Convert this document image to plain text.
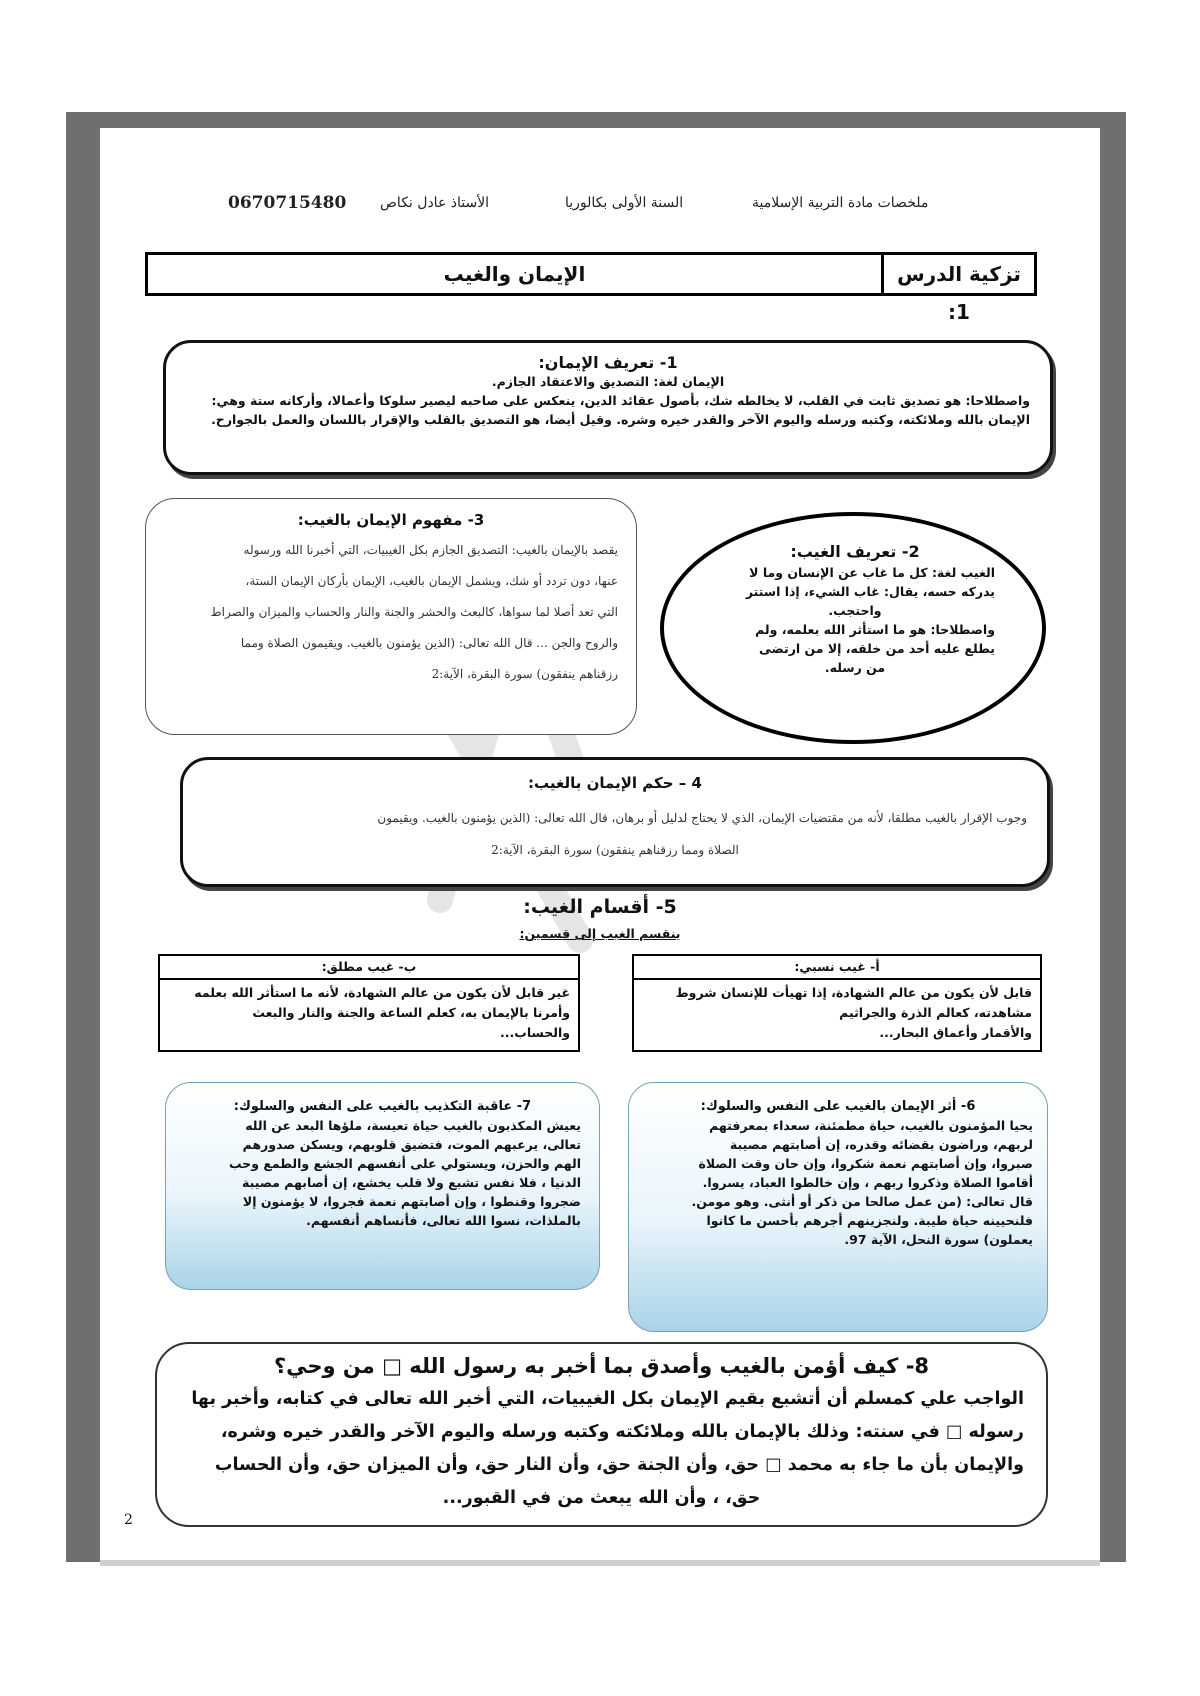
0670715480 الأستاذ عادل نكاص	السنة الأولى بكالوريا	ملخصات مادة التربية الإسلامية
تزكية الدرس 1:
الإيمان والغيب
1- تعريف الإيمان:
الإيمان لغة: التصديق والاعتقاد الجازم.
واصطلاحا: هو تصديق ثابت في القلب، لا يخالطه شك، بأصول عقائد الدين، ينعكس على صاحبه ليصير سلوكا وأعمالا، وأركانه ستة وهي:
الإيمان بالله وملائكته، وكتبه ورسله واليوم الآخر والقدر خيره وشره. وقيل أيضا، هو التصديق بالقلب والإقرار باللسان والعمل بالجوارح.
3- مفهوم الإيمان بالغيب:
يقصد بالإيمان بالغيب: التصديق الجازم بكل الغيبيات، التي أخبرنا الله ورسوله
عنها، دون تردد أو شك، ويشمل الإيمان بالغيب، الإيمان بأركان الإيمان الستة،
التي تعد أصلا لما سواها، كالبعث والحشر والجنة والنار والحساب والميزان والصراط
والروح والجن ... قال الله تعالى: (الذين يؤمنون بالغيب. ويقيمون الصلاة ومما
رزقناهم ينفقون) سورة البقرة، الآية:2
2- تعريف الغيب:
الغيب لغة: كل ما غاب عن الإنسان وما لا
يدركه حسه، يقال: غاب الشيء، إذا استتر
واحتجب.
واصطلاحا: هو ما استأثر الله بعلمه، ولم
يطلع عليه أحد من خلقه، إلا من ارتضى
من رسله.
4 – حكم الإيمان بالغيب:
وجوب الإقرار بالغيب مطلقا، لأنه من مقتضيات الإيمان، الذي لا يحتاج لدليل أو برهان، قال الله تعالى: (الذين يؤمنون بالغيب. ويقيمون
الصلاة ومما رزقناهم ينفقون) سورة البقرة، الآية:2
5- أقسام الغيب:
ينقسم الغيب إلى قسمين:
أ- غيب نسبي:
قابل لأن يكون من عالم الشهادة، إذا تهيأت للإنسان شروط
مشاهدته، كعالم الذرة والجراثيم
والأقمار وأعماق البحار...
ب- غيب مطلق:
غير قابل لأن يكون من عالم الشهادة، لأنه ما استأثر الله بعلمه
وأمرنا بالإيمان به، كعلم الساعة والجنة والنار والبعث
والحساب...
7- عاقبة التكذيب بالغيب على النفس والسلوك:
يعيش المكذبون بالغيب حياة تعيسة، ملؤها البعد عن الله
تعالى، يرعبهم الموت، فتضيق قلوبهم، ويسكن صدورهم
الهم والحزن، ويستولي على أنفسهم الجشع والطمع وحب
الدنيا ، فلا نفس تشبع ولا قلب يخشع، إن أصابهم مصيبة
ضجروا وقنطوا ، وإن أصابتهم نعمة فجروا، لا يؤمنون إلا
بالملذات، نسوا الله تعالى، فأنساهم أنفسهم.
6- أثر الإيمان بالغيب على النفس والسلوك:
يحيا المؤمنون بالغيب، حياة مطمئنة، سعداء بمعرفتهم
لربهم، وراضون بقضائه وقدره، إن أصابتهم مصيبة
صبروا، وإن أصابتهم نعمة شكروا، وإن حان وقت الصلاة
أقاموا الصلاة وذكروا ربهم ، وإن خالطوا العباد، يسروا.
قال تعالى: (من عمل صالحا من ذكر أو أنثى. وهو مومن.
فلنحيينه حياة طيبة. ولنجزينهم أجرهم بأحسن ما كانوا
يعملون) سورة النحل، الآية 97.
8- كيف أؤمن بالغيب وأصدق بما أخبر به رسول الله □ من وحي؟
الواجب علي كمسلم أن أتشبع بقيم الإيمان بكل الغيبيات، التي أخبر الله تعالى في كتابه، وأخبر بها
رسوله □ في سنته: وذلك بالإيمان بالله وملائكته وكتبه ورسله واليوم الآخر والقدر خيره وشره،
والإيمان بأن ما جاء به محمد □ حق، وأن الجنة حق، وأن النار حق، وأن الميزان حق، وأن الحساب
حق، ، وأن الله يبعث من في القبور...
2
